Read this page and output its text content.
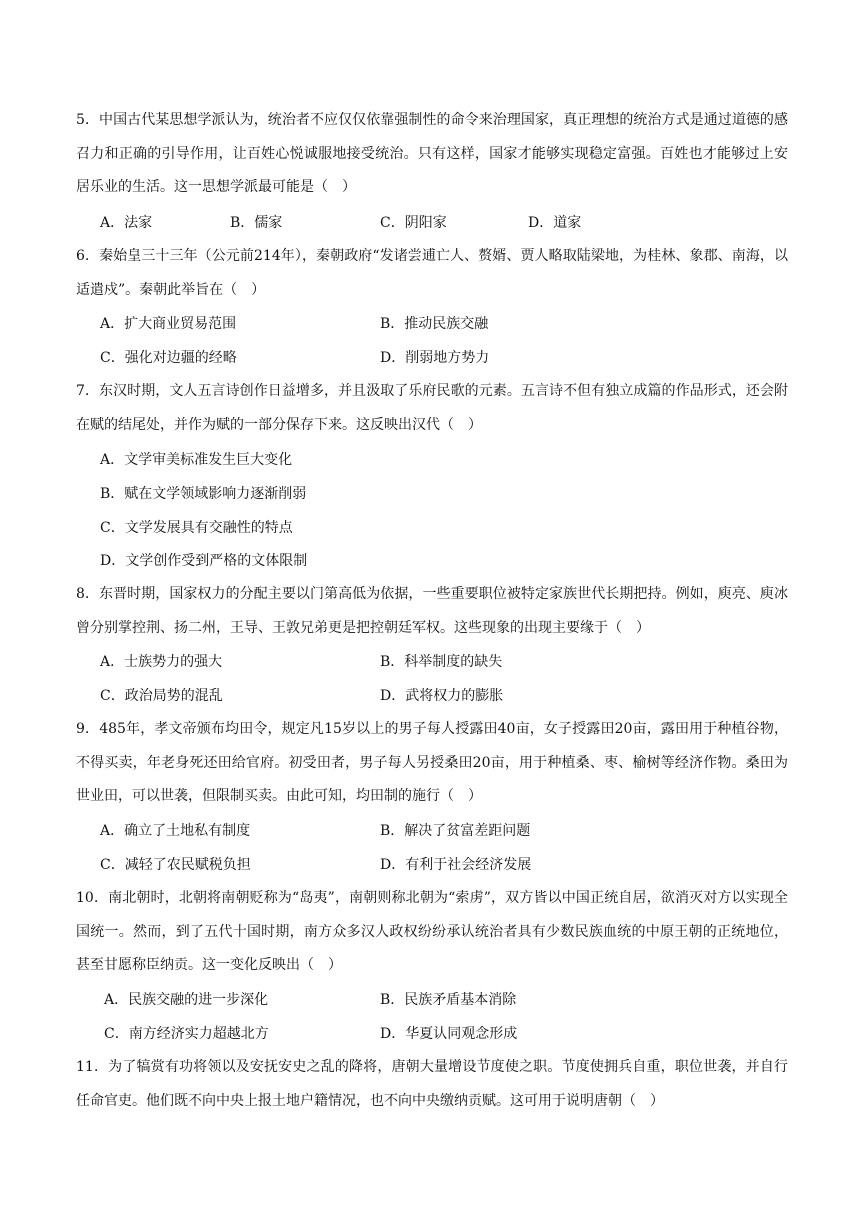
5．中国古代某思想学派认为，统治者不应仅仅依靠强制性的命令来治理国家，真正理想的统治方式是通过道德的感召力和正确的引导作用，让百姓心悦诚服地接受统治。只有这样，国家才能够实现稳定富强。百姓也才能够过上安居乐业的生活。这一思想学派最可能是（　）

A．法家	B．儒家	C．阴阳家	D．道家

6．秦始皇三十三年（公元前214年），秦朝政府“发诸尝逋亡人、赘婿、贾人略取陆梁地，为桂林、象郡、南海，以适遣戍”。秦朝此举旨在（　）

A．扩大商业贸易范围	B．推动民族交融
C．强化对边疆的经略	D．削弱地方势力

7．东汉时期，文人五言诗创作日益增多，并且汲取了乐府民歌的元素。五言诗不但有独立成篇的作品形式，还会附在赋的结尾处，并作为赋的一部分保存下来。这反映出汉代（　）

A．文学审美标准发生巨大变化
B．赋在文学领域影响力逐渐削弱
C．文学发展具有交融性的特点
D．文学创作受到严格的文体限制

8．东晋时期，国家权力的分配主要以门第高低为依据，一些重要职位被特定家族世代长期把持。例如，庾亮、庾冰曾分别掌控荆、扬二州，王导、王敦兄弟更是把控朝廷军权。这些现象的出现主要缘于（　）

A．士族势力的强大	B．科举制度的缺失
C．政治局势的混乱	D．武将权力的膨胀

9．485年，孝文帝颁布均田令，规定凡15岁以上的男子每人授露田40亩，女子授露田20亩，露田用于种植谷物，不得买卖，年老身死还田给官府。初受田者，男子每人另授桑田20亩，用于种植桑、枣、榆树等经济作物。桑田为世业田，可以世袭，但限制买卖。由此可知，均田制的施行（　）

A．确立了土地私有制度	B．解决了贫富差距问题
C．减轻了农民赋税负担	D．有利于社会经济发展

10．南北朝时，北朝将南朝贬称为“岛夷”，南朝则称北朝为“索虏”，双方皆以中国正统自居，欲消灭对方以实现全国统一。然而，到了五代十国时期，南方众多汉人政权纷纷承认统治者具有少数民族血统的中原王朝的正统地位，甚至甘愿称臣纳贡。这一变化反映出（　）

A．民族交融的进一步深化	B．民族矛盾基本消除
C．南方经济实力超越北方	D．华夏认同观念形成

11．为了犒赏有功将领以及安抚安史之乱的降将，唐朝大量增设节度使之职。节度使拥兵自重，职位世袭，并自行任命官吏。他们既不向中央上报土地户籍情况，也不向中央缴纳贡赋。这可用于说明唐朝（　）
